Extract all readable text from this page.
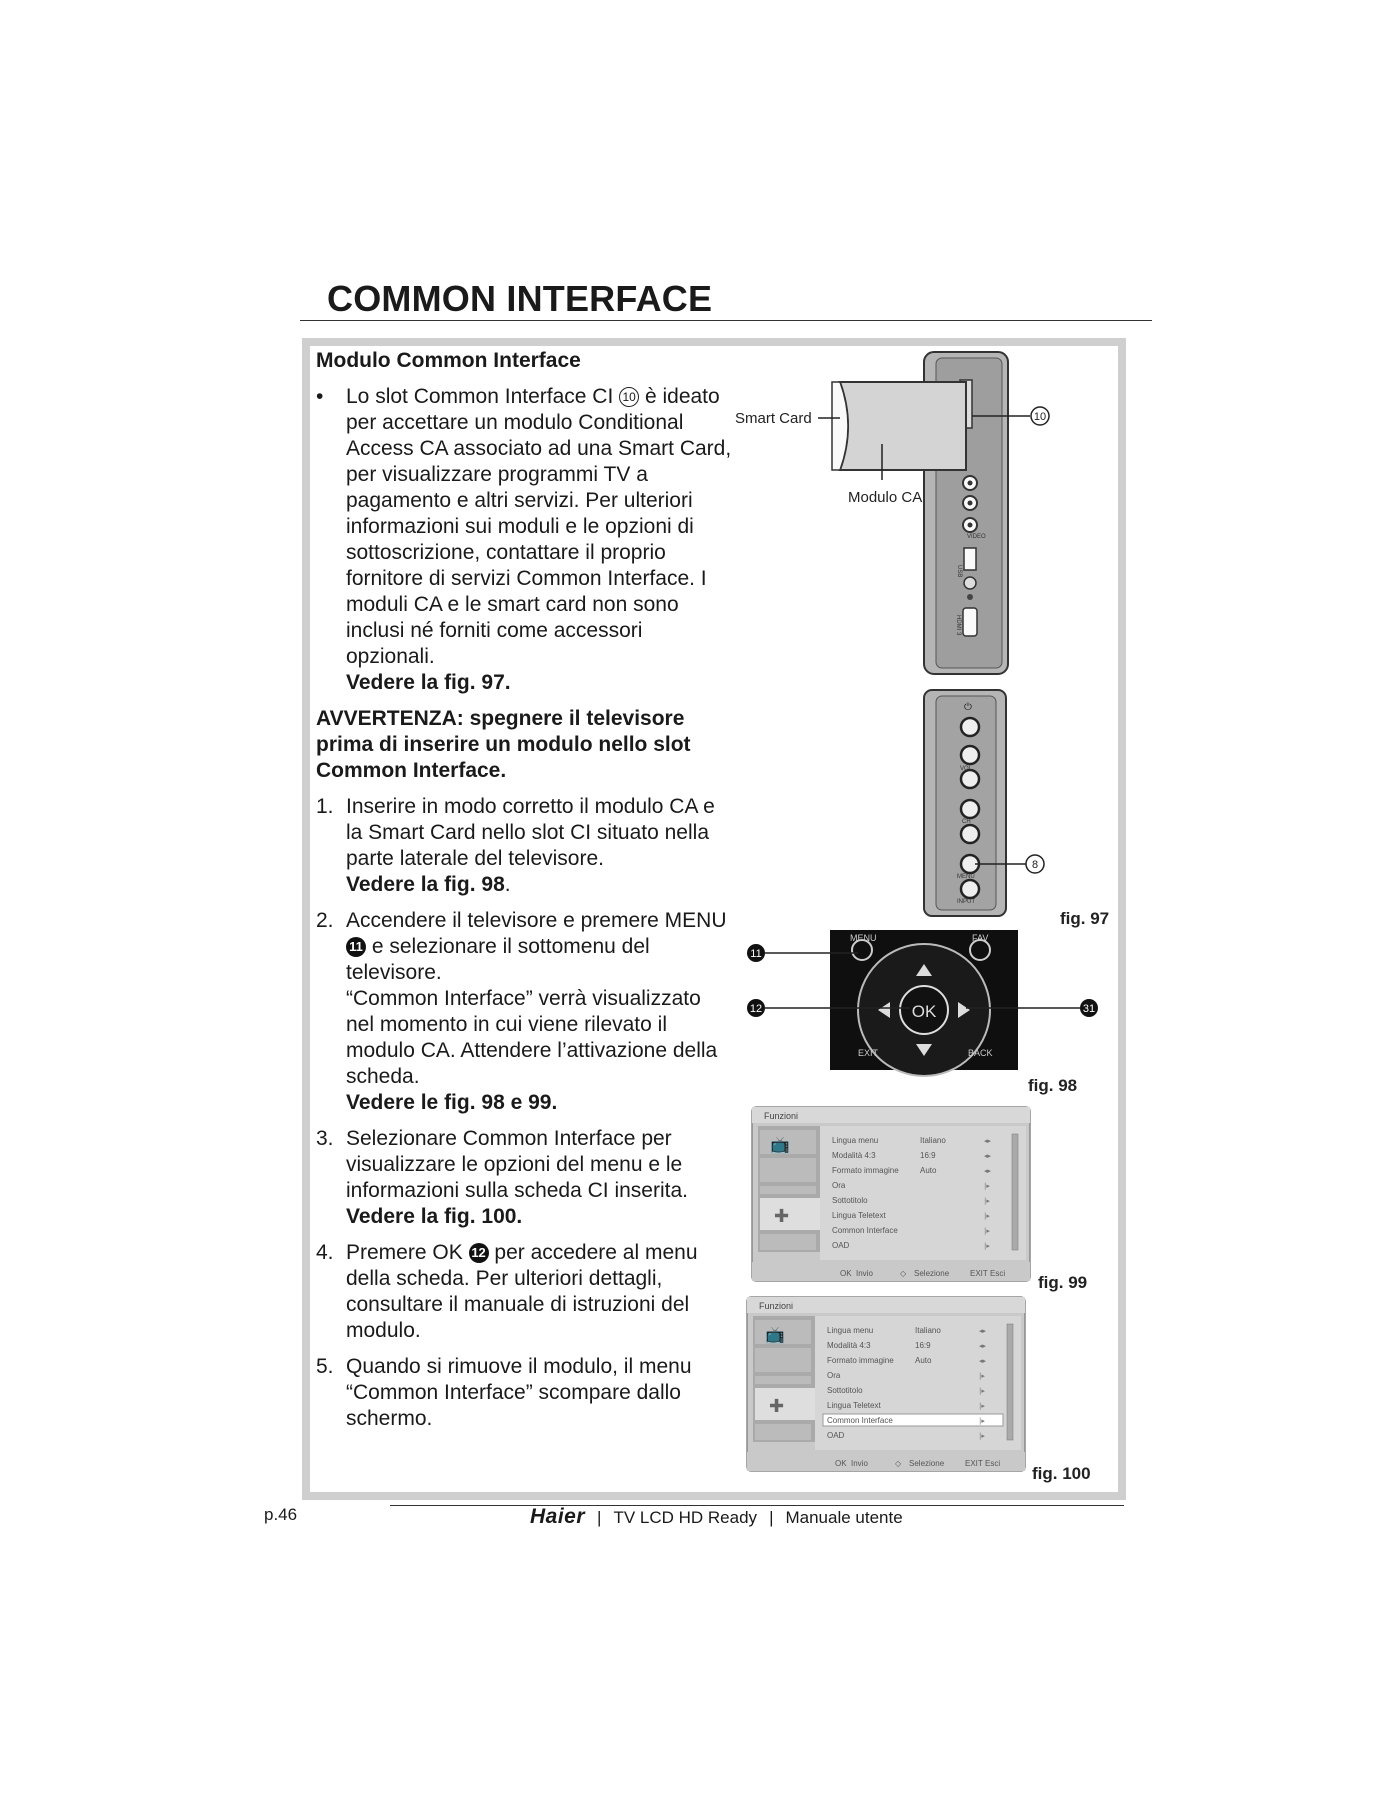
COMMON INTERFACE
Modulo Common Interface
• Lo slot Common Interface CI 10 è ideato per accettare un modulo Conditional Access CA associato ad una Smart Card, per visualizzare programmi TV a pagamento e altri servizi. Per ulteriori informazioni sui moduli e le opzioni di sottoscrizione, contattare il proprio fornitore di servizi Common Interface. I moduli CA e le smart card non sono inclusi né forniti come accessori opzionali.
Vedere la fig. 97.

AVVERTENZA: spegnere il televisore prima di inserire un modulo nello slot Common Interface.

1. Inserire in modo corretto il modulo CA e la Smart Card nello slot CI situato nella parte laterale del televisore.
Vedere la fig. 98.
2. Accendere il televisore e premere MENU 11 e selezionare il sottomenu del televisore.
“Common Interface” verrà visualizzato nel momento in cui viene rilevato il modulo CA. Attendere l’attivazione della scheda.
Vedere le fig. 98 e 99.
3. Selezionare Common Interface per visualizzare le opzioni del menu e le informazioni sulla scheda CI inserita.
Vedere la fig. 100.
4. Premere OK 12 per accedere al menu della scheda. Per ulteriori dettagli, consultare il manuale di istruzioni del modulo.
5. Quando si rimuove il modulo, il menu “Common Interface” scompare dallo schermo.
VIDEO
USB
HDMI 3
⏻
VOL
CH
MENU
INPUT
Smart Card
Modulo CA
10
8
fig. 97
OK
MENU	FAV
EXIT	BACK
11
12	31
fig. 98
Funzioni
📺
✚
Lingua menu	Italiano	◂▸
Modalità 4:3	16:9	◂▸
Formato immagine	Auto	◂▸
Ora	|▸
Sottotitolo	|▸
Lingua Teletext	|▸
Common Interface	|▸
OAD	|▸
OK Invio	◇ Selezione	EXIT Esci fig. 99
Funzioni
📺
✚
Lingua menu	Italiano	◂▸
Modalità 4:3	16:9	◂▸
Formato immagine	Auto	◂▸
Ora	|▸
Sottotitolo	|▸
Lingua Teletext	|▸
Common Interface	|▸
OAD	|▸
OK Invio	◇ Selezione	EXIT Esci
fig. 100
p.46	Haier | TV LCD HD Ready | Manuale utente
